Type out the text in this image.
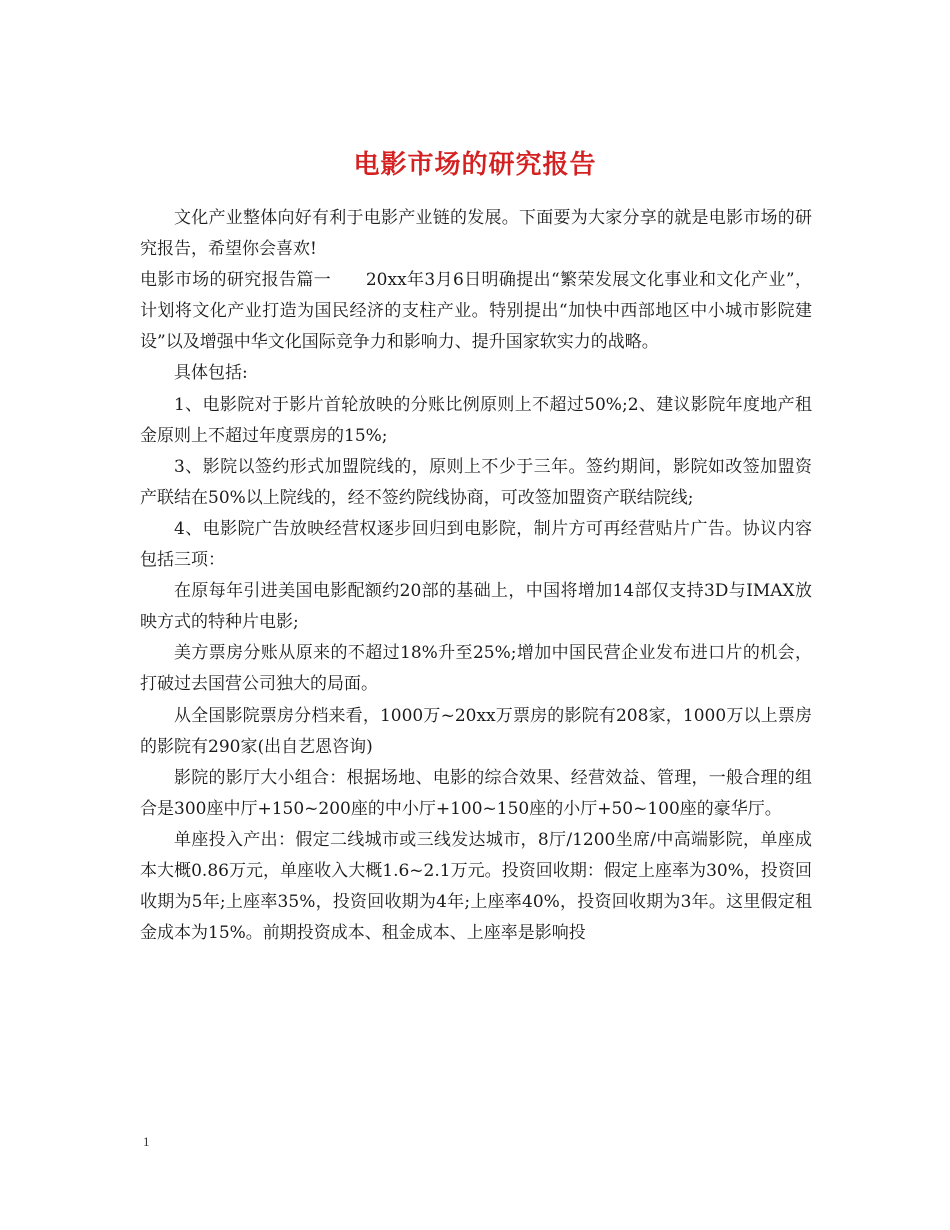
电影市场的研究报告

文化产业整体向好有利于电影产业链的发展。下面要为大家分享的就是电影市场的研究报告，希望你会喜欢!

电影市场的研究报告篇一　　20xx年3月6日明确提出“繁荣发展文化事业和文化产业”，计划将文化产业打造为国民经济的支柱产业。特别提出“加快中西部地区中小城市影院建设”以及增强中华文化国际竞争力和影响力、提升国家软实力的战略。

具体包括:

1、电影院对于影片首轮放映的分账比例原则上不超过50%;2、建议影院年度地产租金原则上不超过年度票房的15%;

3、影院以签约形式加盟院线的，原则上不少于三年。签约期间，影院如改签加盟资产联结在50%以上院线的，经不签约院线协商，可改签加盟资产联结院线;

4、电影院广告放映经营权逐步回归到电影院，制片方可再经营贴片广告。协议内容包括三项：

在原每年引进美国电影配额约20部的基础上，中国将增加14部仅支持3D与IMAX放映方式的特种片电影;

美方票房分账从原来的不超过18%升至25%;增加中国民营企业发布进口片的机会，打破过去国营公司独大的局面。

从全国影院票房分档来看，1000万~20xx万票房的影院有208家，1000万以上票房的影院有290家(出自艺恩咨询)

影院的影厅大小组合：根据场地、电影的综合效果、经营效益、管理，一般合理的组合是300座中厅+150~200座的中小厅+100~150座的小厅+50~100座的豪华厅。

单座投入产出：假定二线城市或三线发达城市，8厅/1200坐席/中高端影院，单座成本大概0.86万元，单座收入大概1.6~2.1万元。投资回收期：假定上座率为30%，投资回收期为5年;上座率35%，投资回收期为4年;上座率40%，投资回收期为3年。这里假定租金成本为15%。前期投资成本、租金成本、上座率是影响投

1
